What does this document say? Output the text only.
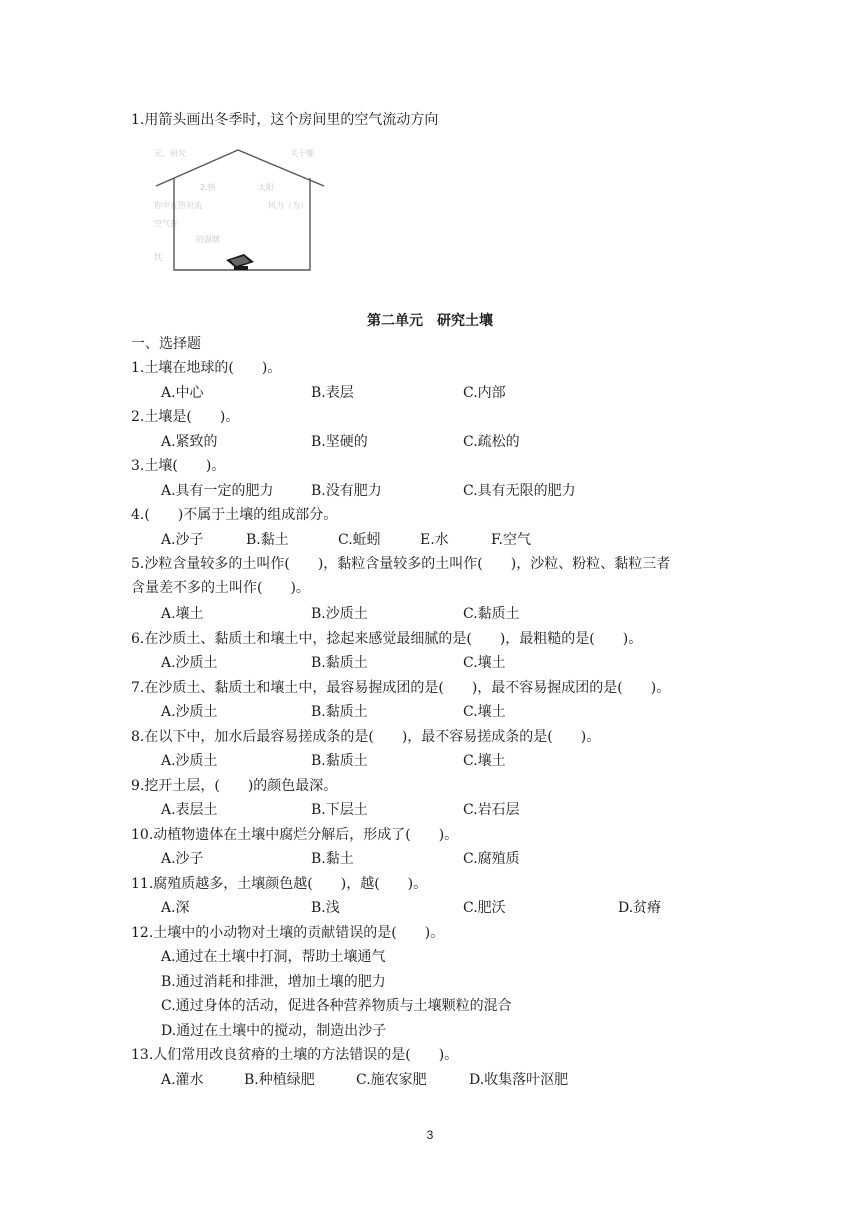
1.用箭头画出冬季时，这个房间里的空气流动方向
元、研究	关于哪
2.热	太阳
你中在热对流	风力（为）
空气在
的温暖
铁
第二单元　研究土壤
一、选择题
1.土壤在地球的(　　)。
A.中心	B.表层	C.内部
2.土壤是(　　)。
A.紧致的	B.坚硬的	C.疏松的
3.土壤(　　)。
A.具有一定的肥力	B.没有肥力	C.具有无限的肥力
4.(　　)不属于土壤的组成部分。
A.沙子	B.黏土	C.蚯蚓	E.水	F.空气
5.沙粒含量较多的土叫作(　　)，黏粒含量较多的土叫作(　　)，沙粒、粉粒、黏粒三者
含量差不多的土叫作(　　)。
A.壤土	B.沙质土	C.黏质土
6.在沙质土、黏质土和壤土中，捻起来感觉最细腻的是(　　)，最粗糙的是(　　)。
A.沙质土	B.黏质土	C.壤土
7.在沙质土、黏质土和壤土中，最容易握成团的是(　　)，最不容易握成团的是(　　)。
A.沙质土	B.黏质土	C.壤土
8.在以下中，加水后最容易搓成条的是(　　)，最不容易搓成条的是(　　)。
A.沙质土	B.黏质土	C.壤土
9.挖开土层，(　　)的颜色最深。
A.表层土	B.下层土	C.岩石层
10.动植物遗体在土壤中腐烂分解后，形成了(　　)。
A.沙子	B.黏土	C.腐殖质
11.腐殖质越多，土壤颜色越(　　)，越(　　)。
A.深	B.浅	C.肥沃	D.贫瘠
12.土壤中的小动物对土壤的贡献错误的是(　　)。
A.通过在土壤中打洞，帮助土壤通气
B.通过消耗和排泄，增加土壤的肥力
C.通过身体的活动，促进各种营养物质与土壤颗粒的混合
D.通过在土壤中的搅动，制造出沙子
13.人们常用改良贫瘠的土壤的方法错误的是(　　)。
A.灌水	B.种植绿肥	C.施农家肥	D.收集落叶沤肥
3
